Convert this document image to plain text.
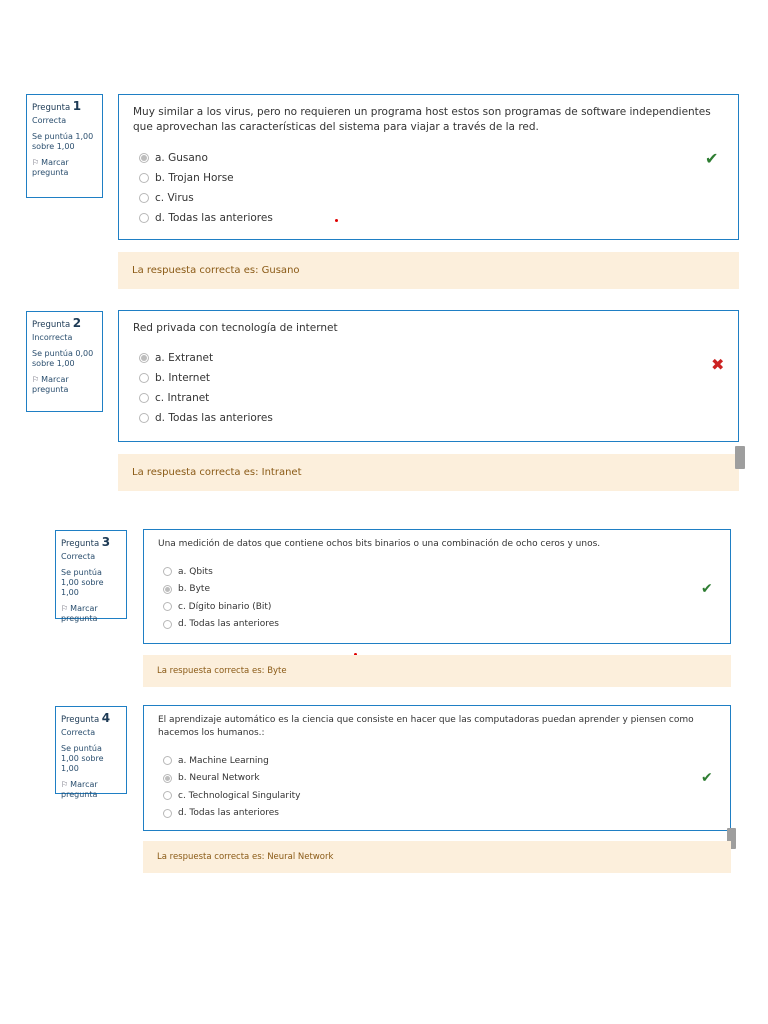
Pregunta 1
Correcta
Se puntúa 1,00 sobre 1,00
⚐ Marcar pregunta
Muy similar a los virus, pero no requieren un programa host estos son programas de software independientes que aprovechan las características del sistema para viajar a través de la red.
a. Gusano
b. Trojan Horse
c. Virus
d. Todas las anteriores
✔
La respuesta correcta es: Gusano
Pregunta 2
Incorrecta
Se puntúa 0,00 sobre 1,00
⚐ Marcar pregunta
Red privada con tecnología de internet
a. Extranet
b. Internet
c. Intranet
d. Todas las anteriores
✖
La respuesta correcta es: Intranet
Pregunta 3
Correcta
Se puntúa 1,00 sobre 1,00
⚐ Marcar pregunta
Una medición de datos que contiene ochos bits binarios o una combinación de ocho ceros y unos.
a. Qbits
b. Byte
c. Dígito binario (Bit)
d. Todas las anteriores
✔
La respuesta correcta es: Byte
Pregunta 4
Correcta
Se puntúa 1,00 sobre 1,00
⚐ Marcar pregunta
El aprendizaje automático es la ciencia que consiste en hacer que las computadoras puedan aprender y piensen como hacemos los humanos.:
a. Machine Learning
b. Neural Network
c. Technological Singularity
d. Todas las anteriores
✔
La respuesta correcta es: Neural Network
